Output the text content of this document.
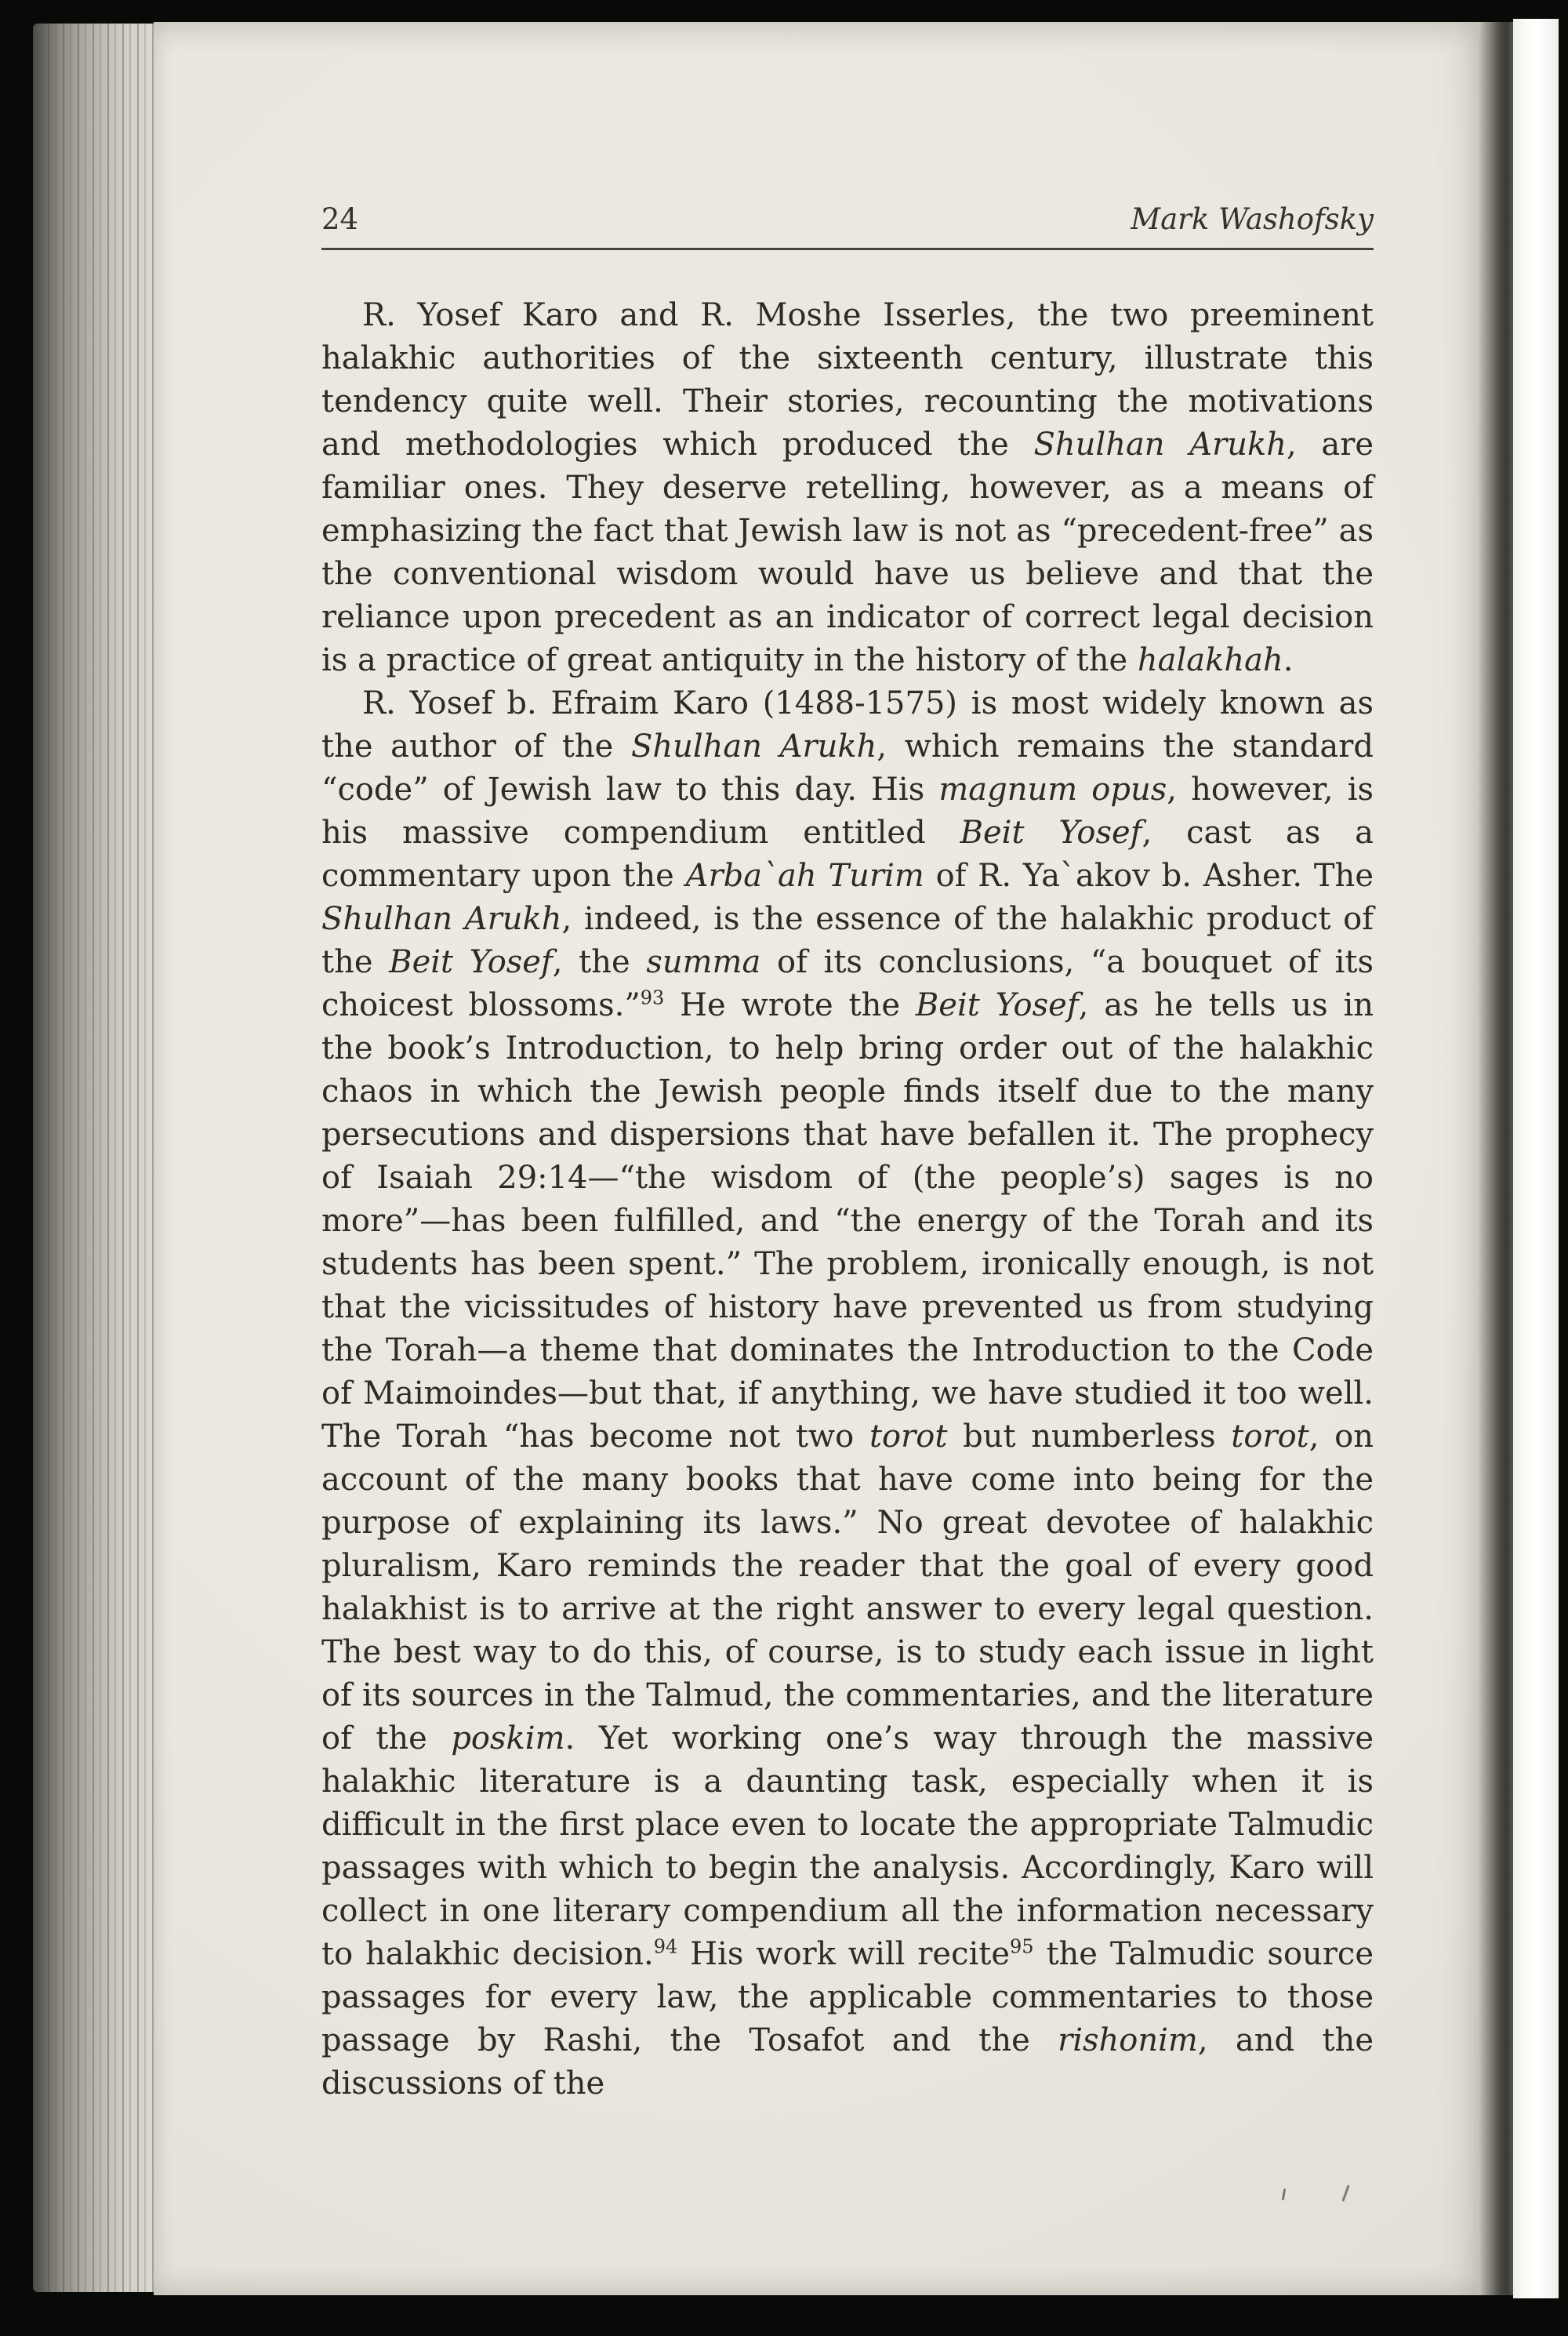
24	Mark Washofsky

R. Yosef Karo and R. Moshe Isserles, the two preeminent halakhic authorities of the sixteenth century, illustrate this tendency quite well. Their stories, recounting the motivations and methodologies which produced the Shulhan Arukh, are familiar ones. They deserve retelling, however, as a means of emphasizing the fact that Jewish law is not as “precedent-free” as the conventional wisdom would have us believe and that the reliance upon precedent as an indicator of correct legal decision is a practice of great antiquity in the history of the halakhah.

R. Yosef b. Efraim Karo (1488-1575) is most widely known as the author of the Shulhan Arukh, which remains the standard “code” of Jewish law to this day. His magnum opus, however, is his massive compendium entitled Beit Yosef, cast as a commentary upon the Arba`ah Turim of R. Ya`akov b. Asher. The Shulhan Arukh, indeed, is the essence of the halakhic product of the Beit Yosef, the summa of its conclusions, “a bouquet of its choicest blossoms.”$^{93}$ He wrote the Beit Yosef, as he tells us in the book’s Introduction, to help bring order out of the halakhic chaos in which the Jewish people finds itself due to the many persecutions and dispersions that have befallen it. The prophecy of Isaiah 29:14—“the wisdom of (the people’s) sages is no more”—has been fulfilled, and “the energy of the Torah and its students has been spent.” The problem, ironically enough, is not that the vicissitudes of history have prevented us from studying the Torah—a theme that dominates the Introduction to the Code of Maimoindes—but that, if anything, we have studied it too well. The Torah “has become not two torot but numberless torot, on account of the many books that have come into being for the purpose of explaining its laws.” No great devotee of halakhic pluralism, Karo reminds the reader that the goal of every good halakhist is to arrive at the right answer to every legal question. The best way to do this, of course, is to study each issue in light of its sources in the Talmud, the commentaries, and the literature of the poskim. Yet working one’s way through the massive halakhic literature is a daunting task, especially when it is difficult in the first place even to locate the appropriate Talmudic passages with which to begin the analysis. Accordingly, Karo will collect in one literary compendium all the information necessary to halakhic decision.$^{94}$ His work will recite$^{95}$ the Talmudic source passages for every law, the applicable commentaries to those passage by Rashi, the Tosafot and the rishonim, and the discussions of the
